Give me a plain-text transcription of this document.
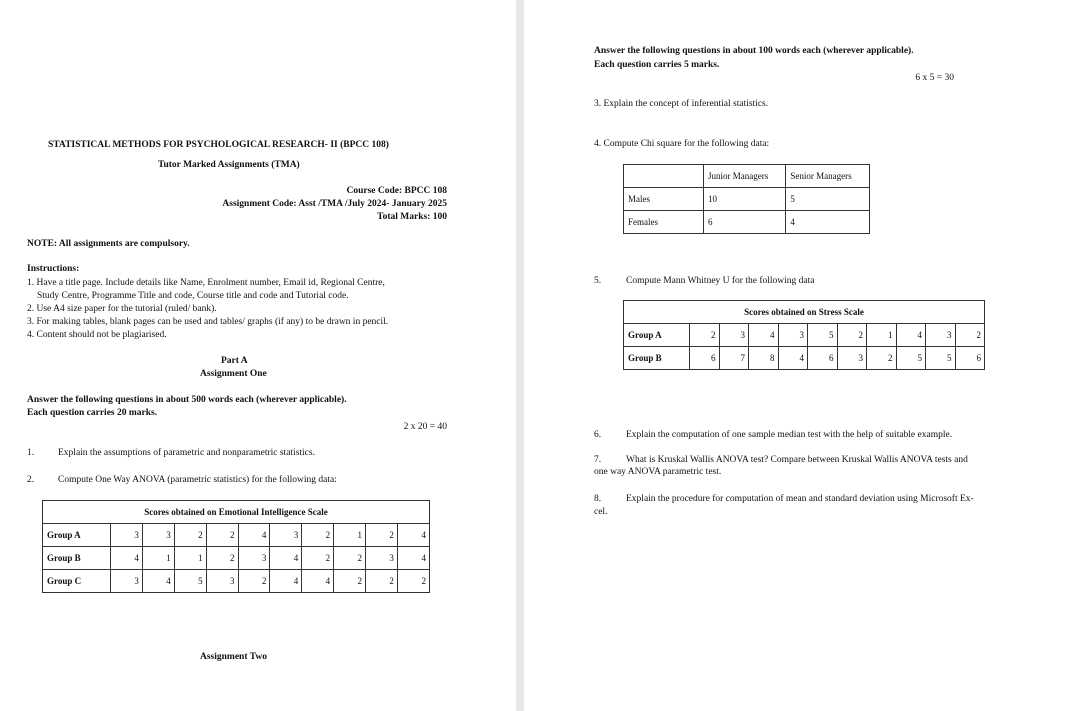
STATISTICAL METHODS FOR PSYCHOLOGICAL RESEARCH- II (BPCC 108)
Tutor Marked Assignments (TMA)
Course Code: BPCC 108
Assignment Code: Asst /TMA /July 2024- January 2025
Total Marks: 100
NOTE: All assignments are compulsory.
Instructions:
1. Have a title page. Include details like Name, Enrolment number, Email id, Regional Centre,
Study Centre, Programme Title and code, Course title and code and Tutorial code.
2. Use A4 size paper for the tutorial (ruled/ bank).
3. For making tables, blank pages can be used and tables/ graphs (if any) to be drawn in pencil.
4. Content should not be plagiarised.
Part A
Assignment One
Answer the following questions in about 500 words each (wherever applicable).
Each question carries 20 marks.
2 x 20 = 40
1.	Explain the assumptions of parametric and nonparametric statistics.
2.	Compute One Way ANOVA (parametric statistics) for the following data:
Scores obtained on Emotional Intelligence Scale										
Group A	3	3	2	2	4	3	2	1	2	4
Group B	4	1	1	2	3	4	2	2	3	4
Group C	3	4	5	3	2	4	4	2	2	2
Assignment Two
Answer the following questions in about 100 words each (wherever applicable).
Each question carries 5 marks.
6 x 5 = 30
3. Explain the concept of inferential statistics.
4. Compute Chi square for the following data:
	Junior Managers	Senior Managers
Males	10	5
Females	6	4
5.	Compute Mann Whitney U for the following data
Scores obtained on Stress Scale										
Group A	2	3	4	3	5	2	1	4	3	2
Group B	6	7	8	4	6	3	2	5	5	6
6.	Explain the computation of one sample median test with the help of suitable example.
7.	What is Kruskal Wallis ANOVA test? Compare between Kruskal Wallis ANOVA tests and
one way ANOVA parametric test.
8.	Explain the procedure for computation of mean and standard deviation using Microsoft Ex-
cel.
